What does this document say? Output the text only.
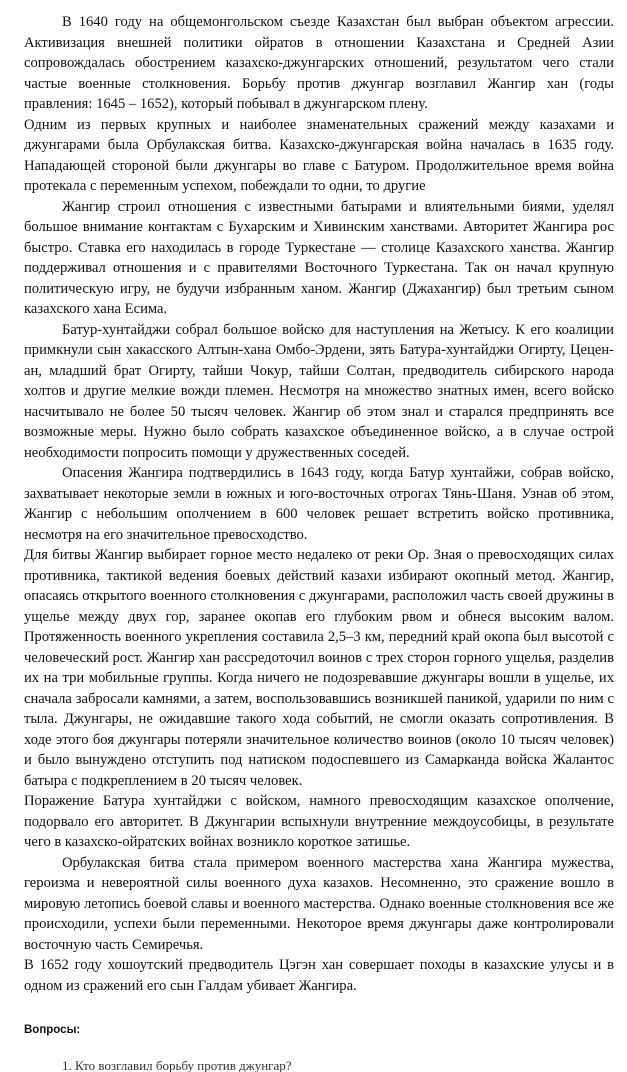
В 1640 году на общемонгольском съезде Казахстан был выбран объектом агрессии. Активизация внешней политики ойратов в отношении Казахстана и Средней Азии сопровождалась обострением казахско-джунгарских отношений, результатом чего стали частые военные столкновения. Борьбу против джунгар возглавил Жангир хан (годы правления: 1645 – 1652), который побывал в джунгарском плену.

Одним из первых крупных и наиболее знаменательных сражений между казахами и джунгарами была Орбулакская битва. Казахско-джунгарская война началась в 1635 году. Нападающей стороной были джунгары во главе с Батуром. Продолжительное время война протекала с переменным успехом, побеждали то одни, то другие

Жангир строил отношения с известными батырами и влиятельными биями, уделял большое внимание контактам с Бухарским и Хивинским ханствами. Авторитет Жангира рос быстро. Ставка его находилась в городе Туркестане — столице Казахского ханства. Жангир поддерживал отношения и с правителями Восточного Туркестана. Так он начал крупную политическую игру, не будучи избранным ханом. Жангир (Джахангир) был третьим сыном казахского хана Есима.

Батур-хунтайджи собрал большое войско для наступления на Жетысу. К его коалиции примкнули сын хакасского Алтын-хана Омбо-Эрдени, зять Батура-хунтайджи Огирту, Цецен-ан, младший брат Огирту, тайши Чокур, тайши Солтан, предводитель сибирского народа холтов и другие мелкие вожди племен. Несмотря на множество знатных имен, всего войско насчитывало не более 50 тысяч человек. Жангир об этом знал и старался предпринять все возможные меры. Нужно было собрать казахское объединенное войско, а в случае острой необходимости попросить помощи у дружественных соседей.

Опасения Жангира подтвердились в 1643 году, когда Батур хунтайжи, собрав войско, захватывает некоторые земли в южных и юго-восточных отрогах Тянь-Шаня. Узнав об этом, Жангир с небольшим ополчением в 600 человек решает встретить войско противника, несмотря на его значительное превосходство.

Для битвы Жангир выбирает горное место недалеко от реки Ор. Зная о превосходящих силах противника, тактикой ведения боевых действий казахи избирают окопный метод. Жангир, опасаясь открытого военного столкновения с джунгарами, расположил часть своей дружины в ущелье между двух гор, заранее окопав его глубоким рвом и обнеся высоким валом. Протяженность военного укрепления составила 2,5–3 км, передний край окопа был высотой с человеческий рост. Жангир хан рассредоточил воинов с трех сторон горного ущелья, разделив их на три мобильные группы. Когда ничего не подозревавшие джунгары вошли в ущелье, их сначала забросали камнями, а затем, воспользовавшись возникшей паникой, ударили по ним с тыла. Джунгары, не ожидавшие такого хода событий, не смогли оказать сопротивления. В ходе этого боя джунгары потеряли значительное количество воинов (около 10 тысяч человек) и было вынуждено отступить под натиском подоспевшего из Самарканда войска Жалантос батыра с подкреплением в 20 тысяч человек.

Поражение Батура хунтайджи с войском, намного превосходящим казахское ополчение, подорвало его авторитет. В Джунгарии вспыхнули внутренние междоусобицы, в результате чего в казахско-ойратских войнах возникло короткое затишье.

Орбулакская битва стала примером военного мастерства хана Жангира мужества, героизма и невероятной силы военного духа казахов. Несомненно, это сражение вошло в мировую летопись боевой славы и военного мастерства. Однако военные столкновения все же происходили, успехи были переменными. Некоторое время джунгары даже контролировали восточную часть Семиречья.

В 1652 году хошоутский предводитель Цэгэн хан совершает походы в казахские улусы и в одном из сражений его сын Галдам убивает Жангира.

Вопросы:
1. Кто возглавил борьбу против джунгар?
